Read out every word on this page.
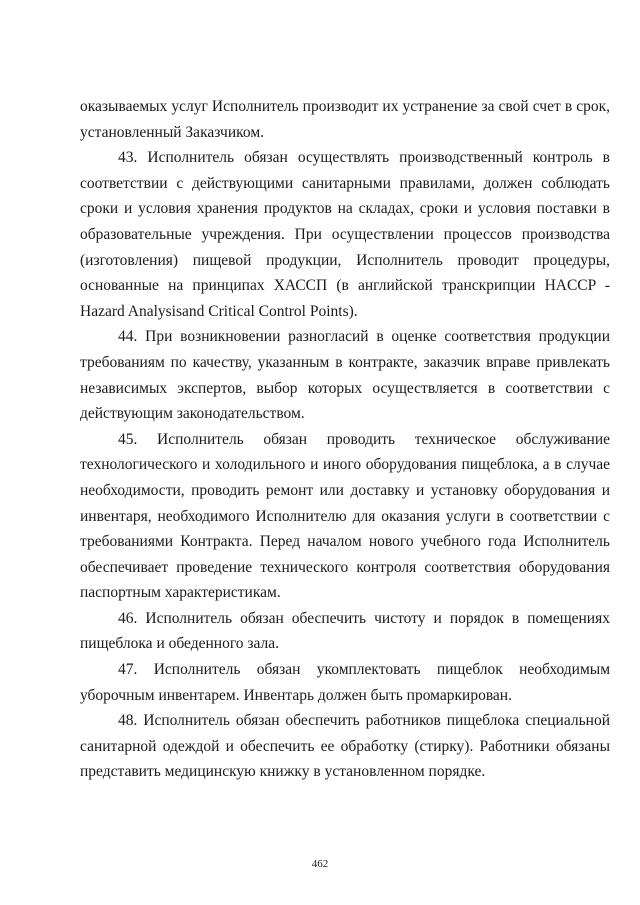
оказываемых услуг Исполнитель производит их устранение за свой счет в срок, установленный Заказчиком.

43. Исполнитель обязан осуществлять производственный контроль в соответствии с действующими санитарными правилами, должен соблюдать сроки и условия хранения продуктов на складах, сроки и условия поставки в образовательные учреждения. При осуществлении процессов производства (изготовления) пищевой продукции, Исполнитель проводит процедуры, основанные на принципах ХАССП (в английской транскрипции HACCP - Hazard Analysisand Critical Control Points).

44. При возникновении разногласий в оценке соответствия продукции требованиям по качеству, указанным в контракте, заказчик вправе привлекать независимых экспертов, выбор которых осуществляется в соответствии с действующим законодательством.

45. Исполнитель обязан проводить техническое обслуживание технологического и холодильного и иного оборудования пищеблока, а в случае необходимости, проводить ремонт или доставку и установку оборудования и инвентаря, необходимого Исполнителю для оказания услуги в соответствии с требованиями Контракта. Перед началом нового учебного года Исполнитель обеспечивает проведение технического контроля соответствия оборудования паспортным характеристикам.

46. Исполнитель обязан обеспечить чистоту и порядок в помещениях пищеблока и обеденного зала.

47. Исполнитель обязан укомплектовать пищеблок необходимым уборочным инвентарем. Инвентарь должен быть промаркирован.

48. Исполнитель обязан обеспечить работников пищеблока специальной санитарной одеждой и обеспечить ее обработку (стирку). Работники обязаны представить медицинскую книжку в установленном порядке.

462
